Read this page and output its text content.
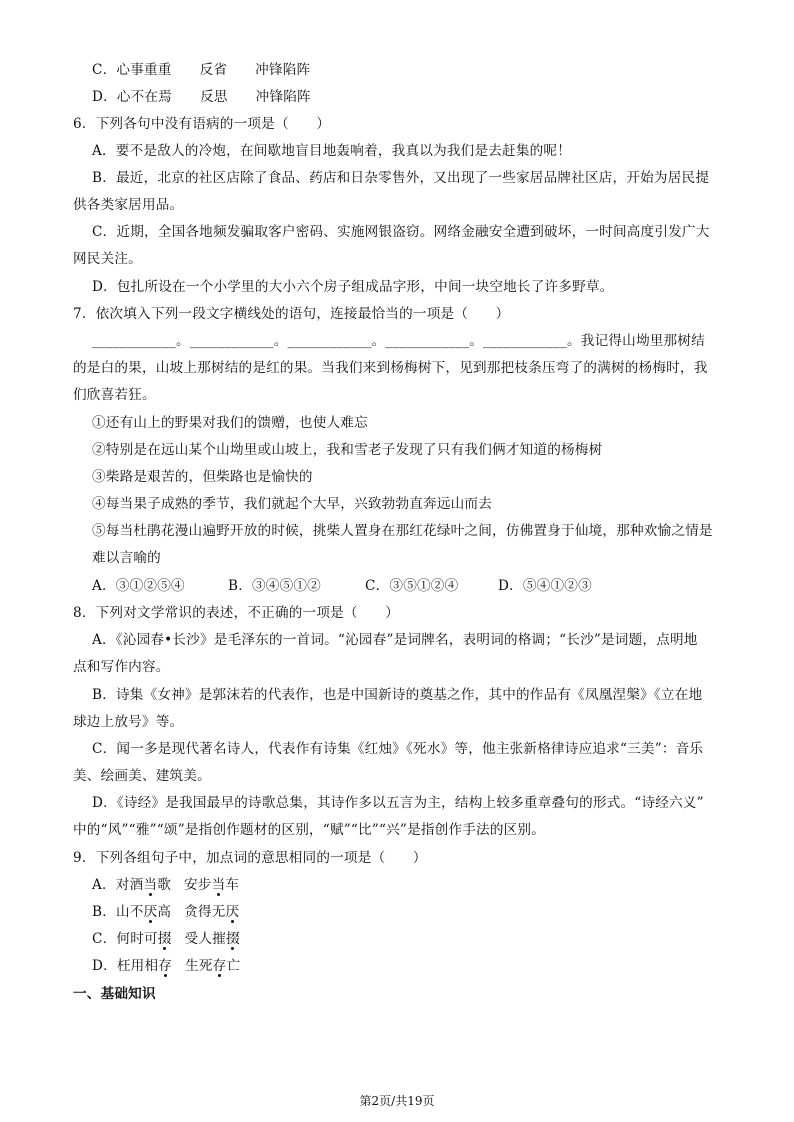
C．心事重重 反省 冲锋陷阵
D．心不在焉 反思 冲锋陷阵
6．下列各句中没有语病的一项是（　　）
A．要不是敌人的冷炮，在间歇地盲目地轰响着，我真以为我们是去赶集的呢！
B．最近，北京的社区店除了食品、药店和日杂零售外，又出现了一些家居品牌社区店，开始为居民提
供各类家居用品。
C．近期，全国各地频发骗取客户密码、实施网银盗窃。网络金融安全遭到破坏，一时间高度引发广大
网民关注。
D．包扎所设在一个小学里的大小六个房子组成品字形，中间一块空地长了许多野草。
7．依次填入下列一段文字横线处的语句，连接最恰当的一项是（　　）
____________。____________。____________。____________。____________。我记得山坳里那树结
的是白的果，山坡上那树结的是红的果。当我们来到杨梅树下，见到那把枝条压弯了的满树的杨梅时，我
们欣喜若狂。
①还有山上的野果对我们的馈赠，也使人难忘
②特别是在远山某个山坳里或山坡上，我和雪老子发现了只有我们俩才知道的杨梅树
③柴路是艰苦的，但柴路也是愉快的
④每当果子成熟的季节，我们就起个大早，兴致勃勃直奔远山而去
⑤每当杜鹃花漫山遍野开放的时候，挑柴人置身在那红花绿叶之间，仿佛置身于仙境，那种欢愉之情是
难以言喻的
A．③①②⑤④	B．③④⑤①②	C．③⑤①②④	D．⑤④①②③
8．下列对文学常识的表述，不正确的一项是（　　）
A．《沁园春•长沙》是毛泽东的一首词。“沁园春”是词牌名，表明词的格调；“长沙”是词题，点明地
点和写作内容。
B．诗集《女神》是郭沫若的代表作，也是中国新诗的奠基之作，其中的作品有《凤凰涅槃》《立在地
球边上放号》等。
C．闻一多是现代著名诗人，代表作有诗集《红烛》《死水》等，他主张新格律诗应追求“三美”：音乐
美、绘画美、建筑美。
D．《诗经》是我国最早的诗歌总集，其诗作多以五言为主，结构上较多重章叠句的形式。“诗经六义”
中的“风”“雅”“颂”是指创作题材的区别，“赋”“比”“兴”是指创作手法的区别。
9．下列各组句子中，加点词的意思相同的一项是（　　）
A．对酒当歌 安步当车
B．山不厌高 贪得无厌
C．何时可掇 受人摧掇
D．枉用相存 生死存亡
一、基础知识
第2页/共19页
